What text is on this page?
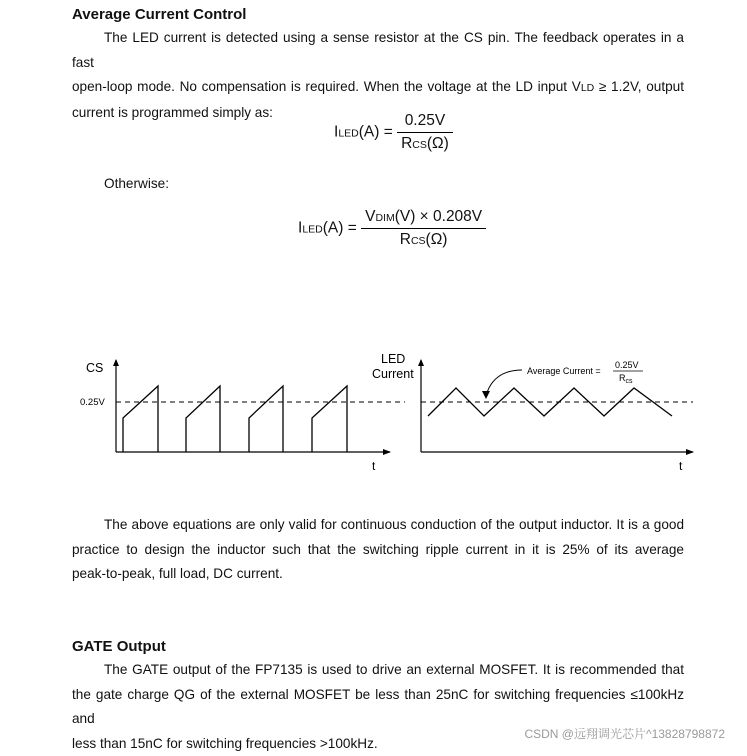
Average Current Control
The LED current is detected using a sense resistor at the CS pin. The feedback operates in a fast
open-loop mode. No compensation is required. When the voltage at the LD input VLD ≥ 1.2V, output
current is programmed simply as:
ILED(A) = $\frac{0.25V}{\text{RCS(Ω)}}$
Otherwise:
ILED(A) = $\frac{\text{VDIM(V) × 0.208V}}{\text{RCS(Ω)}}$
CS
0.25V
t
LED
Current	Average Current =
0.25V
$R_{cs}$
t
The above equations are only valid for continuous conduction of the output inductor. It is a good
practice to design the inductor such that the switching ripple current in it is 25% of its average
peak-to-peak, full load, DC current.
GATE Output
The GATE output of the FP7135 is used to drive an external MOSFET. It is recommended that
the gate charge QG of the external MOSFET be less than 25nC for switching frequencies ≤100kHz and
less than 15nC for switching frequencies >100kHz.
CSDN @远翔调光芯片^13828798872
